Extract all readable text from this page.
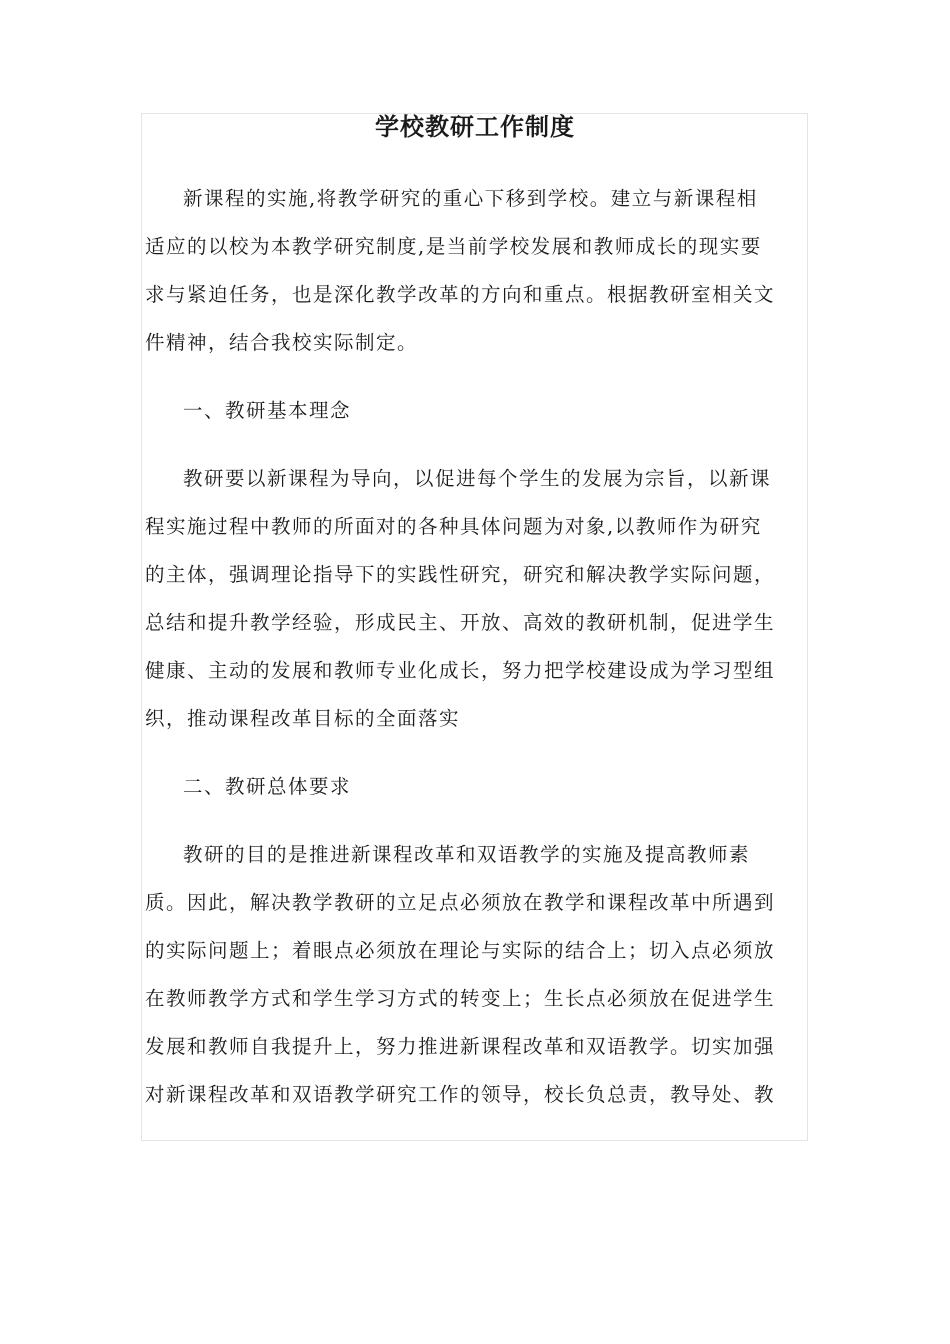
学校教研工作制度
新课程的实施,将教学研究的重心下移到学校。建立与新课程相
适应的以校为本教学研究制度,是当前学校发展和教师成长的现实要
求与紧迫任务，也是深化教学改革的方向和重点。根据教研室相关文
件精神，结合我校实际制定。
一、教研基本理念
教研要以新课程为导向，以促进每个学生的发展为宗旨，以新课
程实施过程中教师的所面对的各种具体问题为对象,以教师作为研究
的主体，强调理论指导下的实践性研究，研究和解决教学实际问题，
总结和提升教学经验，形成民主、开放、高效的教研机制，促进学生
健康、主动的发展和教师专业化成长，努力把学校建设成为学习型组
织，推动课程改革目标的全面落实
二、教研总体要求
教研的目的是推进新课程改革和双语教学的实施及提高教师素
质。因此，解决教学教研的立足点必须放在教学和课程改革中所遇到
的实际问题上；着眼点必须放在理论与实际的结合上；切入点必须放
在教师教学方式和学生学习方式的转变上；生长点必须放在促进学生
发展和教师自我提升上，努力推进新课程改革和双语教学。切实加强
对新课程改革和双语教学研究工作的领导，校长负总责，教导处、教
